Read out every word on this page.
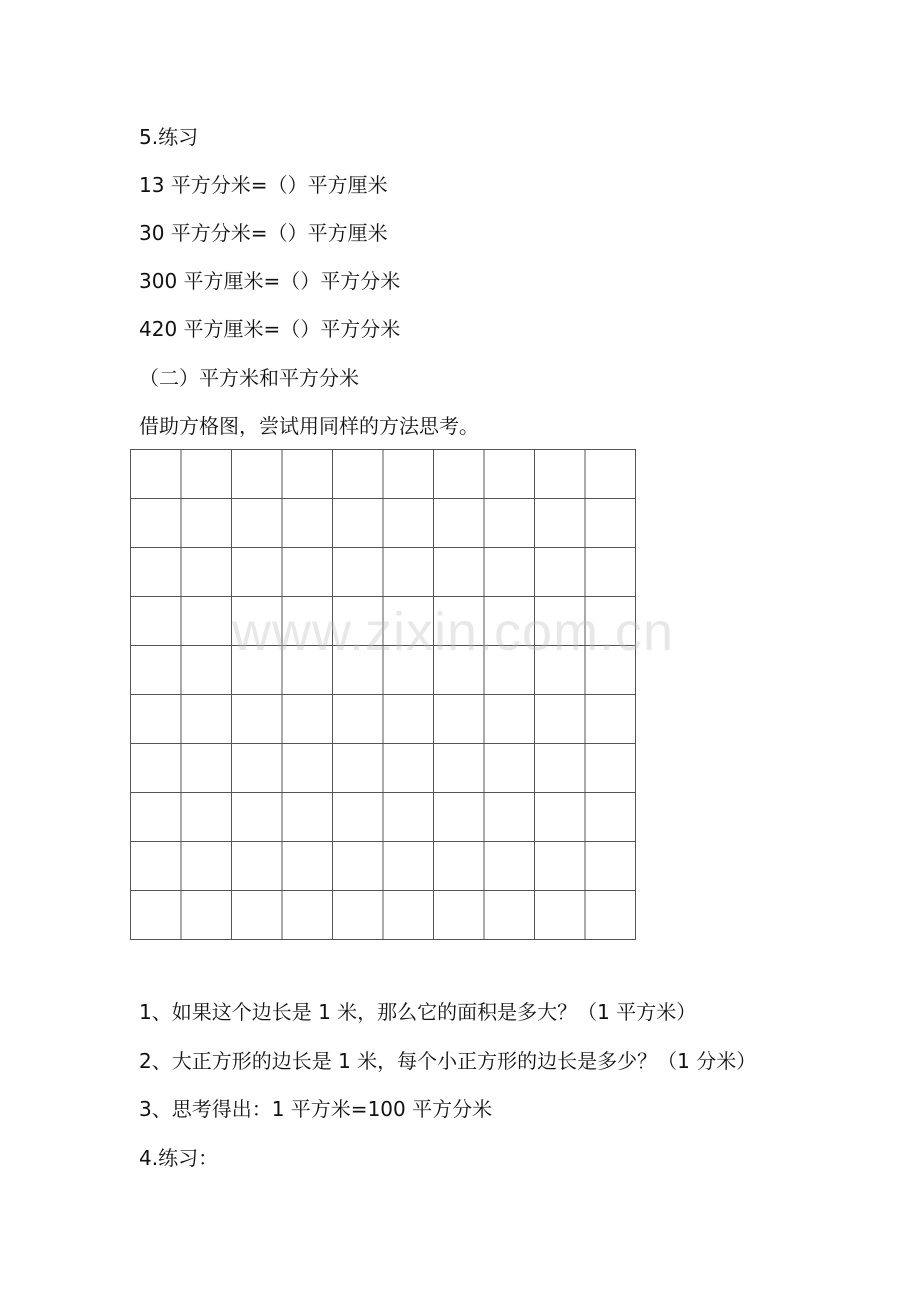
5.练习
13 平方分米=（）平方厘米
30 平方分米=（）平方厘米
300 平方厘米=（）平方分米
420 平方厘米=（）平方分米
（二）平方米和平方分米
借助方格图，尝试用同样的方法思考。
1、如果这个边长是 1 米，那么它的面积是多大？（1 平方米）
2、大正方形的边长是 1 米，每个小正方形的边长是多少？（1 分米）
3、思考得出：1 平方米=100 平方分米
4.练习：
www.zixin.com.cn
